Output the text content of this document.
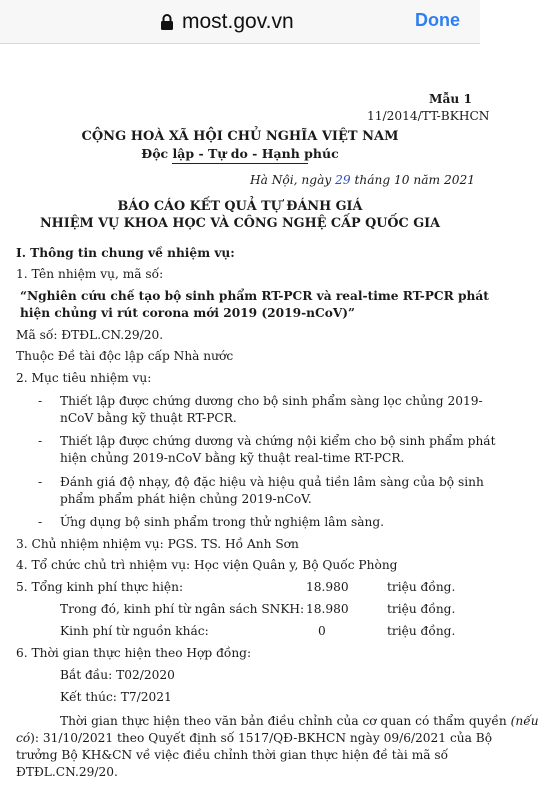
most.gov.vn	Done
Mẫu 1
11/2014/TT-BKHCN
CỘNG HOÀ XÃ HỘI CHỦ NGHĨA VIỆT NAM
Độc lập - Tự do - Hạnh phúc
Hà Nội, ngày 29 tháng 10 năm 2021
BÁO CÁO KẾT QUẢ TỰ ĐÁNH GIÁ
NHIỆM VỤ KHOA HỌC VÀ CÔNG NGHỆ CẤP QUỐC GIA
I. Thông tin chung về nhiệm vụ:
1. Tên nhiệm vụ, mã số:
“Nghiên cứu chế tạo bộ sinh phẩm RT-PCR và real-time RT-PCR phát
hiện chủng vi rút corona mới 2019 (2019-nCoV)”
Mã số: ĐTĐL.CN.29/20.
Thuộc Đề tài độc lập cấp Nhà nước
2. Mục tiêu nhiệm vụ:
- Thiết lập được chứng dương cho bộ sinh phẩm sàng lọc chủng 2019-
nCoV bằng kỹ thuật RT-PCR.
- Thiết lập được chứng dương và chứng nội kiểm cho bộ sinh phẩm phát
hiện chủng 2019-nCoV bằng kỹ thuật real-time RT-PCR.
- Đánh giá độ nhạy, độ đặc hiệu và hiệu quả tiền lâm sàng của bộ sinh
phẩm phẩm phát hiện chủng 2019-nCoV.
- Ứng dụng bộ sinh phẩm trong thử nghiệm lâm sàng.
3. Chủ nhiệm nhiệm vụ: PGS. TS. Hồ Anh Sơn
4. Tổ chức chủ trì nhiệm vụ: Học viện Quân y, Bộ Quốc Phòng
5. Tổng kinh phí thực hiện:	18.980	triệu đồng.
Trong đó, kinh phí từ ngân sách SNKH: 18.980	triệu đồng.
Kinh phí từ nguồn khác:	0	triệu đồng.
6. Thời gian thực hiện theo Hợp đồng:
Bắt đầu: T02/2020
Kết thúc: T7/2021
Thời gian thực hiện theo văn bản điều chỉnh của cơ quan có thẩm quyền (nếu
có): 31/10/2021 theo Quyết định số 1517/QĐ-BKHCN ngày 09/6/2021 của Bộ
trưởng Bộ KH&CN về việc điều chỉnh thời gian thực hiện đề tài mã số
ĐTĐL.CN.29/20.
